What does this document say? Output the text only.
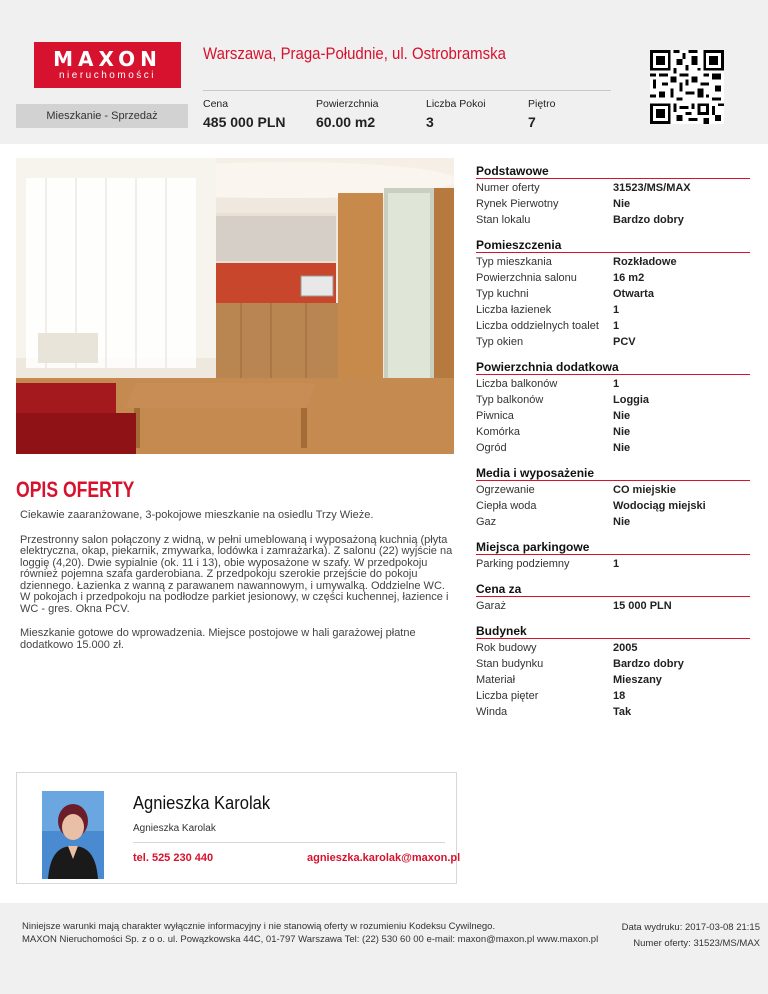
MAXON
nieruchomości
Warszawa, Praga-Południe, ul. Ostrobramska
Mieszkanie - Sprzedaż
Cena
485 000 PLN
Powierzchnia
60.00 m2
Liczba Pokoi
3
Piętro
7
OPIS OFERTY

Ciekawie zaaranżowane, 3-pokojowe mieszkanie na osiedlu Trzy Wieże.

Przestronny salon połączony z widną, w pełni umeblowaną i wyposażoną kuchnią (płyta elektryczna, okap, piekarnik, zmywarka, lodówka i zamrażarka). Z salonu (22) wyjście na loggię (4,20). Dwie sypialnie (ok. 11 i 13), obie wyposażone w szafy. W przedpokoju również pojemna szafa garderobiana. Z przedpokoju szerokie przejście do pokoju dziennego. Łazienka z wanną z parawanem nawannowym, i umywalką. Oddzielne WC. W pokojach i przedpokoju na podłodze parkiet jesionowy, w części kuchennej, łazience i WC - gres. Okna PCV.

Mieszkanie gotowe do wprowadzenia. Miejsce postojowe w hali garażowej płatne dodatkowo 15.000 zł.

Podstawowe
Numer oferty	31523/MS/MAX
Rynek Pierwotny	Nie
Stan lokalu	Bardzo dobry
Pomieszczenia
Typ mieszkania	Rozkładowe
Powierzchnia salonu	16 m2
Typ kuchni	Otwarta
Liczba łazienek	1
Liczba oddzielnych toalet	1
Typ okien	PCV
Powierzchnia dodatkowa
Liczba balkonów	1
Typ balkonów	Loggia
Piwnica	Nie
Komórka	Nie
Ogród	Nie
Media i wyposażenie
Ogrzewanie	CO miejskie
Ciepła woda	Wodociąg miejski
Gaz	Nie
Miejsca parkingowe
Parking podziemny	1
Cena za
Garaż	15 000 PLN
Budynek
Rok budowy	2005
Stan budynku	Bardzo dobry
Materiał	Mieszany
Liczba pięter	18
Winda	Tak
Agnieszka Karolak
Agnieszka Karolak
tel. 525 230 440	agnieszka.karolak@maxon.pl
Niniejsze warunki mają charakter wyłącznie informacyjny i nie stanowią oferty w rozumieniu Kodeksu Cywilnego.
MAXON Nieruchomości Sp. z o o. ul. Powązkowska 44C, 01-797 Warszawa Tel: (22) 530 60 00 e-mail: maxon@maxon.pl www.maxon.pl
Data wydruku: 2017-03-08 21:15
Numer oferty: 31523/MS/MAX
